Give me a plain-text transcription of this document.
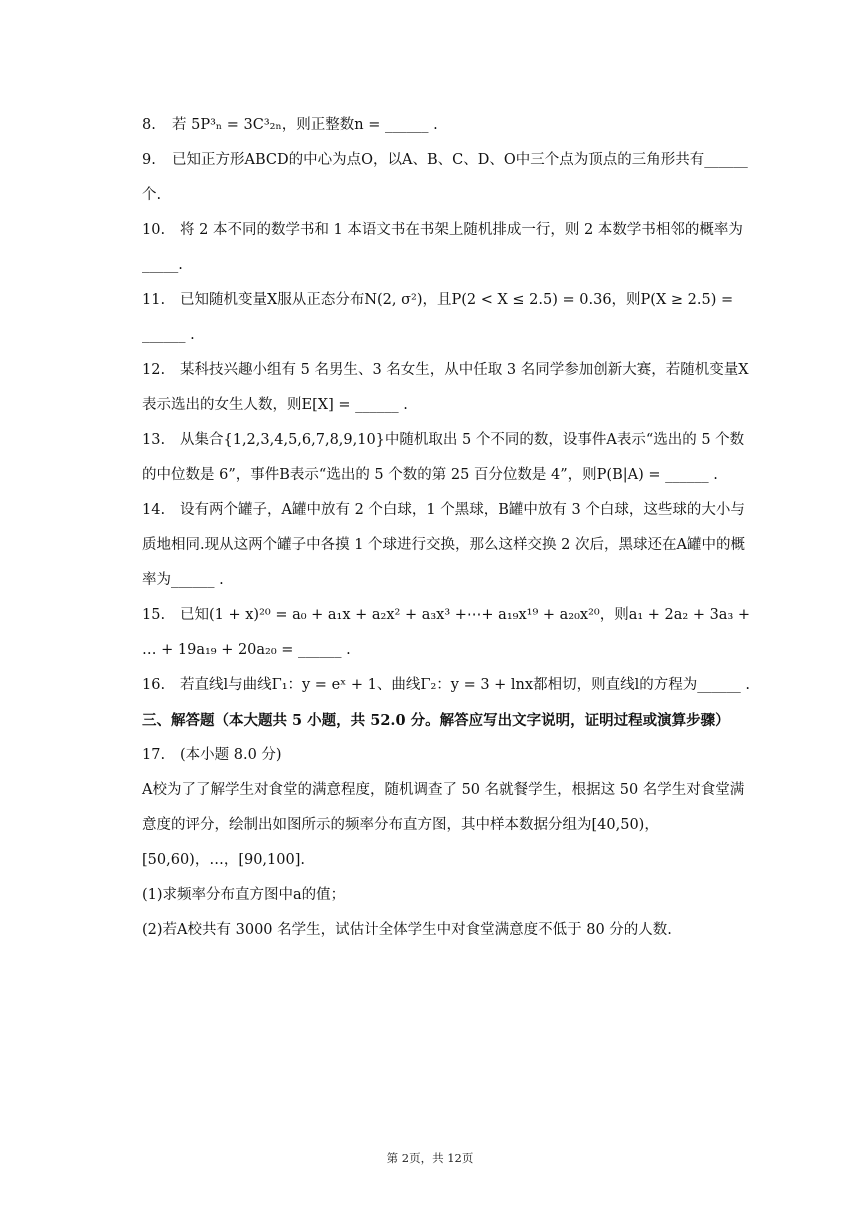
8. 若 5P³ₙ = 3C³₂ₙ，则正整数n = ______ .
9. 已知正方形ABCD的中心为点O，以A、B、C、D、O中三个点为顶点的三角形共有______个.
10. 将 2 本不同的数学书和 1 本语文书在书架上随机排成一行，则 2 本数学书相邻的概率为_____.
11. 已知随机变量X服从正态分布N(2, σ²)，且P(2 < X ≤ 2.5) = 0.36，则P(X ≥ 2.5) = ______ .
12. 某科技兴趣小组有 5 名男生、3 名女生，从中任取 3 名同学参加创新大赛，若随机变量X表示选出的女生人数，则E[X] = ______ .
13. 从集合{1,2,3,4,5,6,7,8,9,10}中随机取出 5 个不同的数，设事件A表示“选出的 5 个数的中位数是 6”，事件B表示“选出的 5 个数的第 25 百分位数是 4”，则P(B|A) = ______ .
14. 设有两个罐子，A罐中放有 2 个白球，1 个黑球，B罐中放有 3 个白球，这些球的大小与质地相同.现从这两个罐子中各摸 1 个球进行交换，那么这样交换 2 次后，黑球还在A罐中的概率为______ .
15. 已知(1 + x)²⁰ = a₀ + a₁x + a₂x² + a₃x³ +⋯+ a₁₉x¹⁹ + a₂₀x²⁰，则a₁ + 2a₂ + 3a₃ + … + 19a₁₉ + 20a₂₀ = ______ .
16. 若直线l与曲线Γ₁：y = eˣ + 1、曲线Γ₂：y = 3 + lnx都相切，则直线l的方程为______ .
三、解答题（本大题共 5 小题，共 52.0 分。解答应写出文字说明，证明过程或演算步骤）
17. (本小题 8.0 分)
A校为了了解学生对食堂的满意程度，随机调查了 50 名就餐学生，根据这 50 名学生对食堂满意度的评分，绘制出如图所示的频率分布直方图，其中样本数据分组为[40,50)，
[50,60)，…，[90,100].
(1)求频率分布直方图中a的值；
(2)若A校共有 3000 名学生，试估计全体学生中对食堂满意度不低于 80 分的人数.
第 2页，共 12页
